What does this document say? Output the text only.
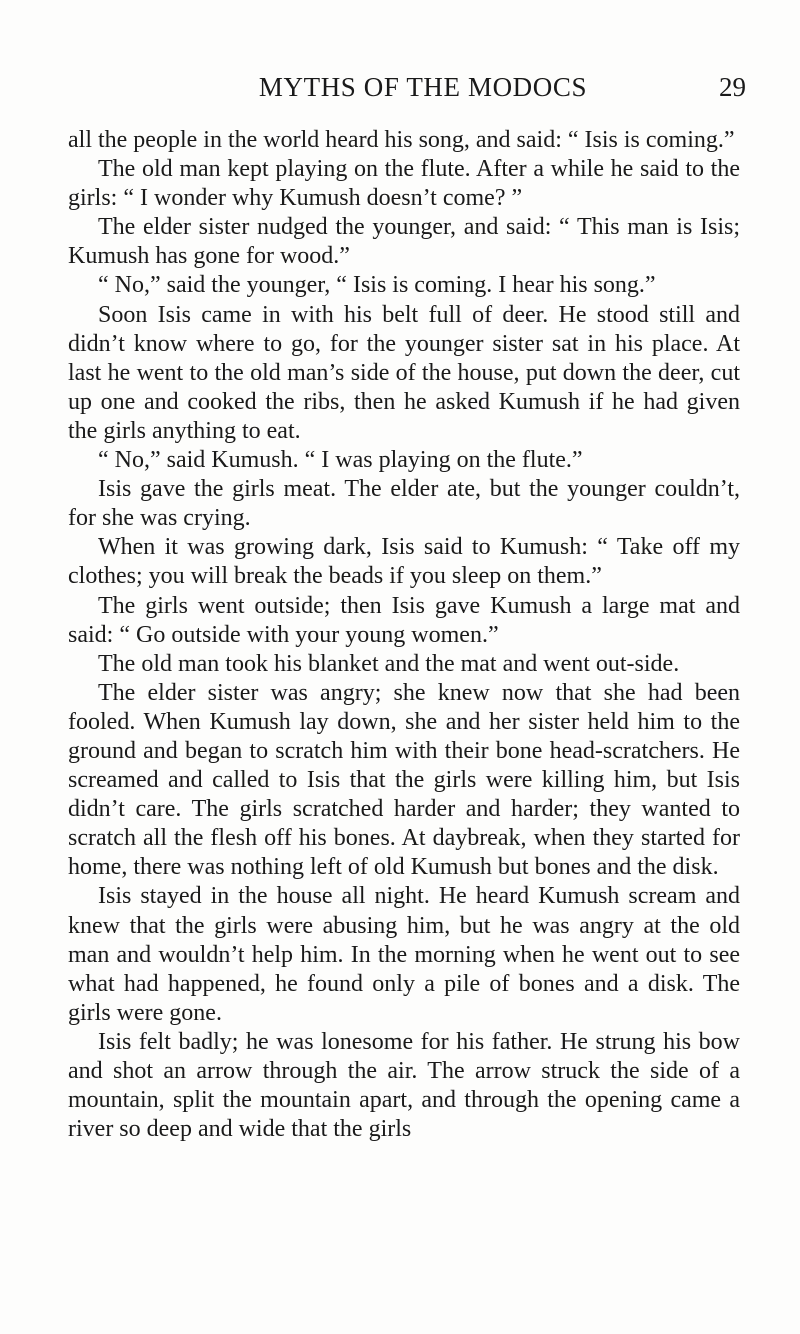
MYTHS OF THE MODOCS	29

all the people in the world heard his song, and said: “ Isis is coming.”

The old man kept playing on the flute. After a while he said to the girls: “ I wonder why Kumush doesn’t come? ”

The elder sister nudged the younger, and said: “ This man is Isis; Kumush has gone for wood.”

“ No,” said the younger, “ Isis is coming. I hear his song.”

Soon Isis came in with his belt full of deer. He stood still and didn’t know where to go, for the younger sister sat in his place. At last he went to the old man’s side of the house, put down the deer, cut up one and cooked the ribs, then he asked Kumush if he had given the girls anything to eat.

“ No,” said Kumush. “ I was playing on the flute.”

Isis gave the girls meat. The elder ate, but the younger couldn’t, for she was crying.

When it was growing dark, Isis said to Kumush: “ Take off my clothes; you will break the beads if you sleep on them.”

The girls went outside; then Isis gave Kumush a large mat and said: “ Go outside with your young women.”

The old man took his blanket and the mat and went out-side.

The elder sister was angry; she knew now that she had been fooled. When Kumush lay down, she and her sister held him to the ground and began to scratch him with their bone head-scratchers. He screamed and called to Isis that the girls were killing him, but Isis didn’t care. The girls scratched harder and harder; they wanted to scratch all the flesh off his bones. At daybreak, when they started for home, there was nothing left of old Kumush but bones and the disk.

Isis stayed in the house all night. He heard Kumush scream and knew that the girls were abusing him, but he was angry at the old man and wouldn’t help him. In the morning when he went out to see what had happened, he found only a pile of bones and a disk. The girls were gone.

Isis felt badly; he was lonesome for his father. He strung his bow and shot an arrow through the air. The arrow struck the side of a mountain, split the mountain apart, and through the opening came a river so deep and wide that the girls
